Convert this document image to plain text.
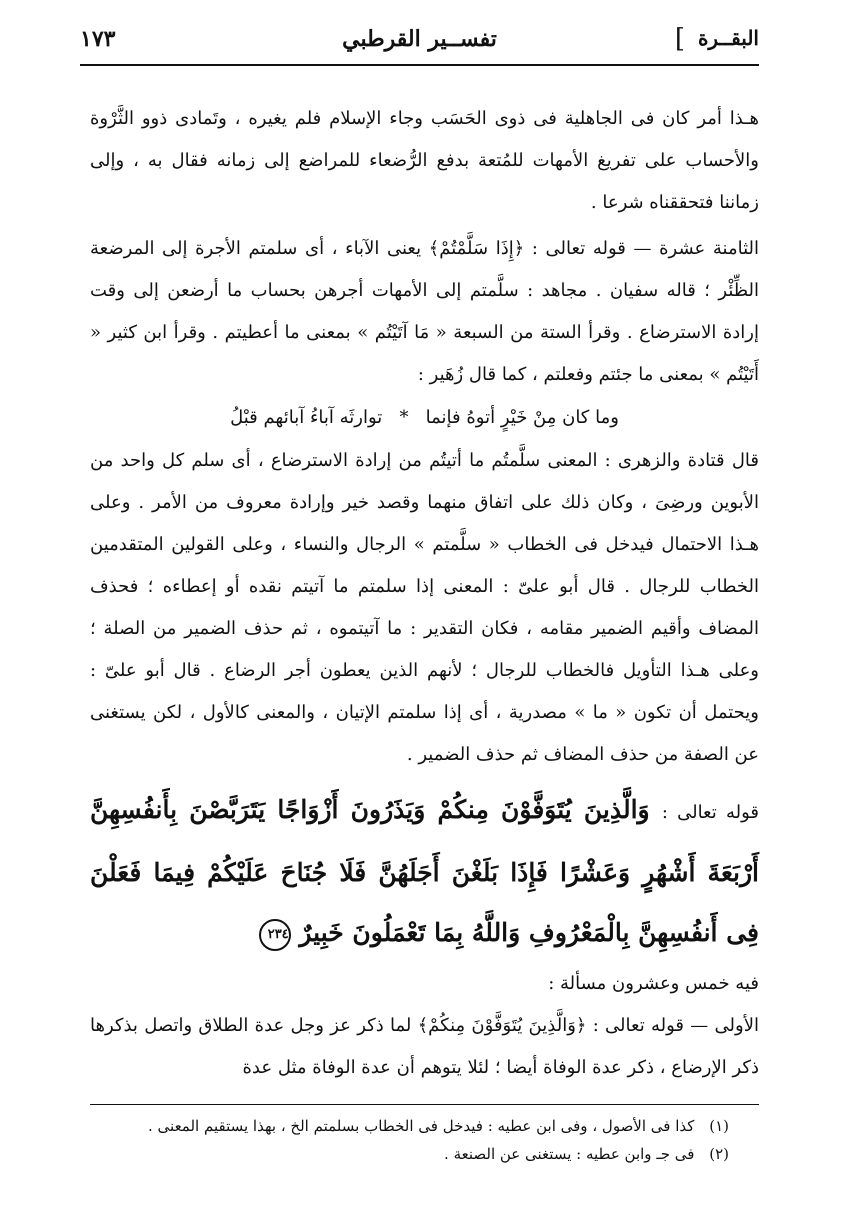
البقــرة
]
تفســير القرطبي
١٧٣

هـذا أمر كان فى الجاهلية فى ذوى الحَسَب وجاء الإسلام فلم يغيره ، وتَمادى ذوو الثَّرْوة والأحساب على تفريغ الأمهات للمُتعة بدفع الرُّضعاء للمراضع إلى زمانه فقال به ، وإلى زماننا فتحققناه شرعا .

الثامنة عشرة — قوله تعالى : ﴿إِذَا سَلَّمْتُمْ﴾ يعنى الآباء ، أى سلمتم الأجرة إلى المرضعة الظِّئْر ؛ قاله سفيان . مجاهد : سلَّمتم إلى الأمهات أجرهن بحساب ما أرضعن إلى وقت إرادة الاسترضاع . وقرأ الستة من السبعة « مَا آتَيْتُم » بمعنى ما أعطيتم . وقرأ ابن كثير « أَتَيْتُم » بمعنى ما جئتم وفعلتم ، كما قال زُهَير :

وما كان مِنْ خَيْرٍ أتوهُ فإنما   *   توارثَه آباءُ آبائهم قبْلُ

قال قتادة والزهرى : المعنى سلَّمتُم ما أتيتُم من إرادة الاسترضاع ، أى سلم كل واحد من الأبوين ورضِىَ ، وكان ذلك على اتفاق منهما وقصد خير وإرادة معروف من الأمر . وعلى هـذا الاحتمال فيدخل فى الخطاب « سلَّمتم » الرجال والنساء ، وعلى القولين المتقدمين الخطاب للرجال . قال أبو علىّ : المعنى إذا سلمتم ما آتيتم نقده أو إعطاءه ؛ فحذف المضاف وأقيم الضمير مقامه ، فكان التقدير : ما آتيتموه ، ثم حذف الضمير من الصلة ؛ وعلى هـذا التأويل فالخطاب للرجال ؛ لأنهم الذين يعطون أجر الرضاع . قال أبو علىّ : ويحتمل أن تكون « ما » مصدرية ، أى إذا سلمتم الإتيان ، والمعنى كالأول ، لكن يستغنى عن الصفة من حذف المضاف ثم حذف الضمير .

قوله تعالى : وَالَّذِينَ يُتَوَفَّوْنَ مِنكُمْ وَيَذَرُونَ أَزْوَاجًا يَتَرَبَّصْنَ بِأَنفُسِهِنَّ أَرْبَعَةَ أَشْهُرٍ وَعَشْرًا فَإِذَا بَلَغْنَ أَجَلَهُنَّ فَلَا جُنَاحَ عَلَيْكُمْ فِيمَا فَعَلْنَ فِى أَنفُسِهِنَّ بِالْمَعْرُوفِ وَاللَّهُ بِمَا تَعْمَلُونَ خَبِيرٌ ٢٣٤

فيه خمس وعشرون مسألة :

الأولى — قوله تعالى : ﴿وَالَّذِينَ يُتَوَفَّوْنَ مِنكُمْ﴾ لما ذكر عز وجل عدة الطلاق واتصل بذكرها ذكر الإرضاع ، ذكر عدة الوفاة أيضا ؛ لئلا يتوهم أن عدة الوفاة مثل عدة

(١) كذا فى الأصول ، وفى ابن عطيه : فيدخل فى الخطاب بسلمتم الخ ، بهذا يستقيم المعنى .

(٢) فى جـ وابن عطيه : يستغنى عن الصنعة .
